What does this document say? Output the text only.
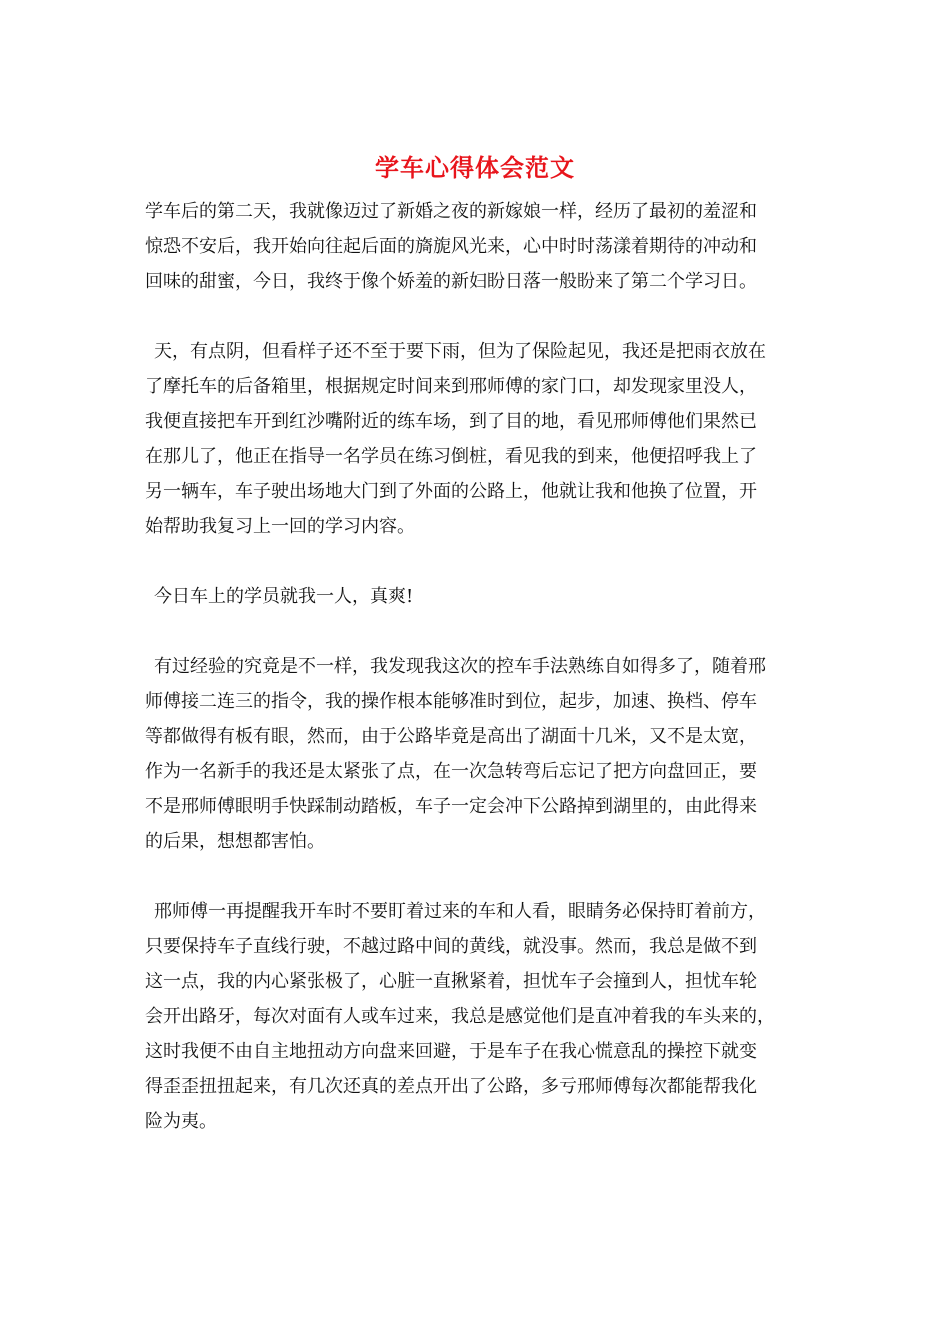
学车心得体会范文

学车后的第二天，我就像迈过了新婚之夜的新嫁娘一样，经历了最初的羞涩和
惊恐不安后，我开始向往起后面的旖旎风光来，心中时时荡漾着期待的冲动和
回味的甜蜜，今日，我终于像个娇羞的新妇盼日落一般盼来了第二个学习日。

天，有点阴，但看样子还不至于要下雨，但为了保险起见，我还是把雨衣放在
了摩托车的后备箱里，根据规定时间来到邢师傅的家门口，却发现家里没人，
我便直接把车开到红沙嘴附近的练车场，到了目的地，看见邢师傅他们果然已
在那儿了，他正在指导一名学员在练习倒桩，看见我的到来，他便招呼我上了
另一辆车，车子驶出场地大门到了外面的公路上，他就让我和他换了位置，开
始帮助我复习上一回的学习内容。

今日车上的学员就我一人，真爽!

有过经验的究竟是不一样，我发现我这次的控车手法熟练自如得多了，随着邢
师傅接二连三的指令，我的操作根本能够准时到位，起步，加速、换档、停车
等都做得有板有眼，然而，由于公路毕竟是高出了湖面十几米，又不是太宽，
作为一名新手的我还是太紧张了点，在一次急转弯后忘记了把方向盘回正，要
不是邢师傅眼明手快踩制动踏板，车子一定会冲下公路掉到湖里的，由此得来
的后果，想想都害怕。

邢师傅一再提醒我开车时不要盯着过来的车和人看，眼睛务必保持盯着前方，
只要保持车子直线行驶，不越过路中间的黄线，就没事。然而，我总是做不到
这一点，我的内心紧张极了，心脏一直揪紧着，担忧车子会撞到人，担忧车轮
会开出路牙，每次对面有人或车过来，我总是感觉他们是直冲着我的车头来的，
这时我便不由自主地扭动方向盘来回避，于是车子在我心慌意乱的操控下就变
得歪歪扭扭起来，有几次还真的差点开出了公路，多亏邢师傅每次都能帮我化
险为夷。
